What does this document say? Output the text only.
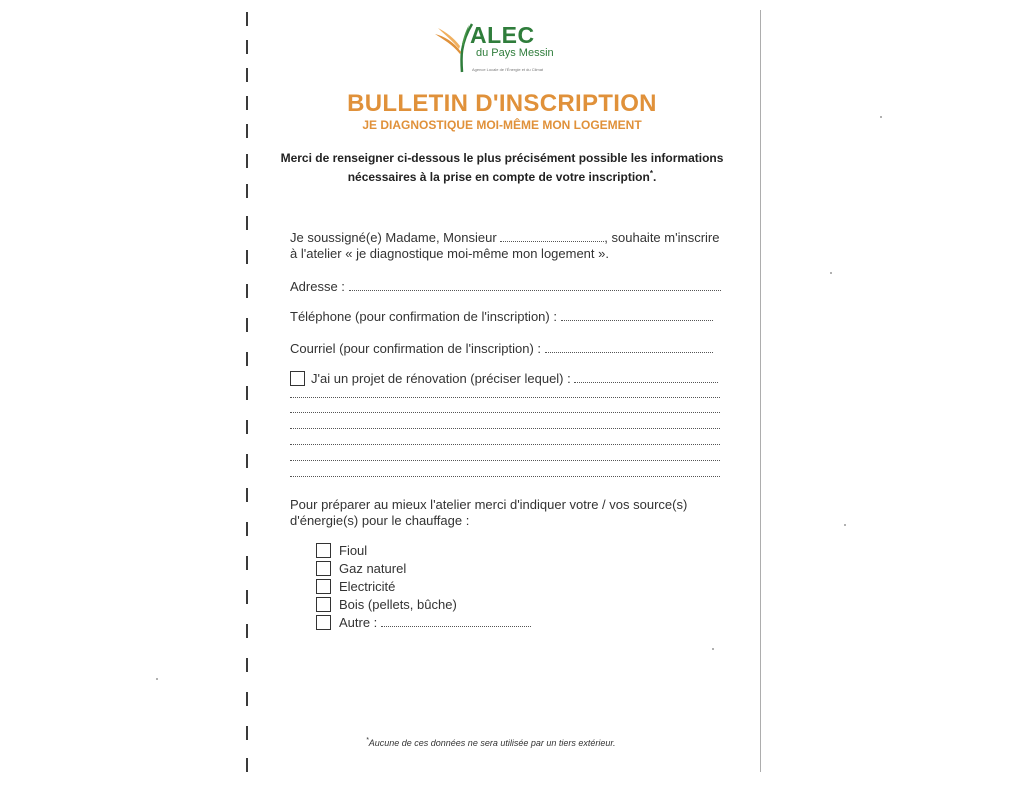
ALEC
du Pays Messin
Agence Locale de l'Énergie et du Climat
BULLETIN D'INSCRIPTION
JE DIAGNOSTIQUE MOI-MÊME MON LOGEMENT
Merci de renseigner ci-dessous le plus précisément possible les informations
nécessaires à la prise en compte de votre inscription*.
Je soussigné(e) Madame, Monsieur	, souhaite m'inscrire
à l'atelier « je diagnostique moi-même mon logement ».
Adresse :
Téléphone (pour confirmation de l'inscription) :
Courriel (pour confirmation de l'inscription) :
J'ai un projet de rénovation (préciser lequel) :
Pour préparer au mieux l'atelier merci d'indiquer votre / vos source(s)
d'énergie(s) pour le chauffage :
Fioul
Gaz naturel
Electricité
Bois (pellets, bûche)
Autre :
*Aucune de ces données ne sera utilisée par un tiers extérieur.
